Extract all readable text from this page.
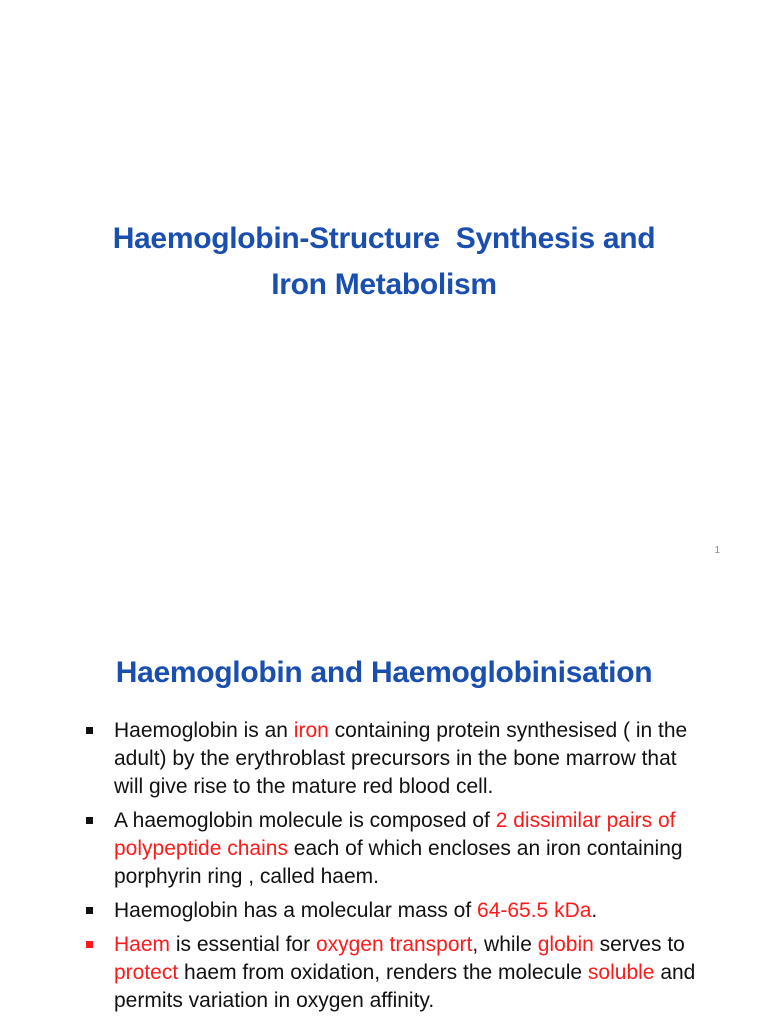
Haemoglobin-Structure  Synthesis and
Iron Metabolism
1
Haemoglobin and Haemoglobinisation
Haemoglobin is an iron containing protein synthesised ( in the adult) by the erythroblast precursors in the bone marrow that will give rise to the mature red blood cell.
A haemoglobin molecule is composed of 2 dissimilar pairs of polypeptide chains each of which encloses an iron containing porphyrin ring , called haem.
Haemoglobin has a molecular mass of 64-65.5 kDa.
Haem is essential for oxygen transport, while globin serves to protect haem from oxidation, renders the molecule soluble and permits variation in oxygen affinity.
